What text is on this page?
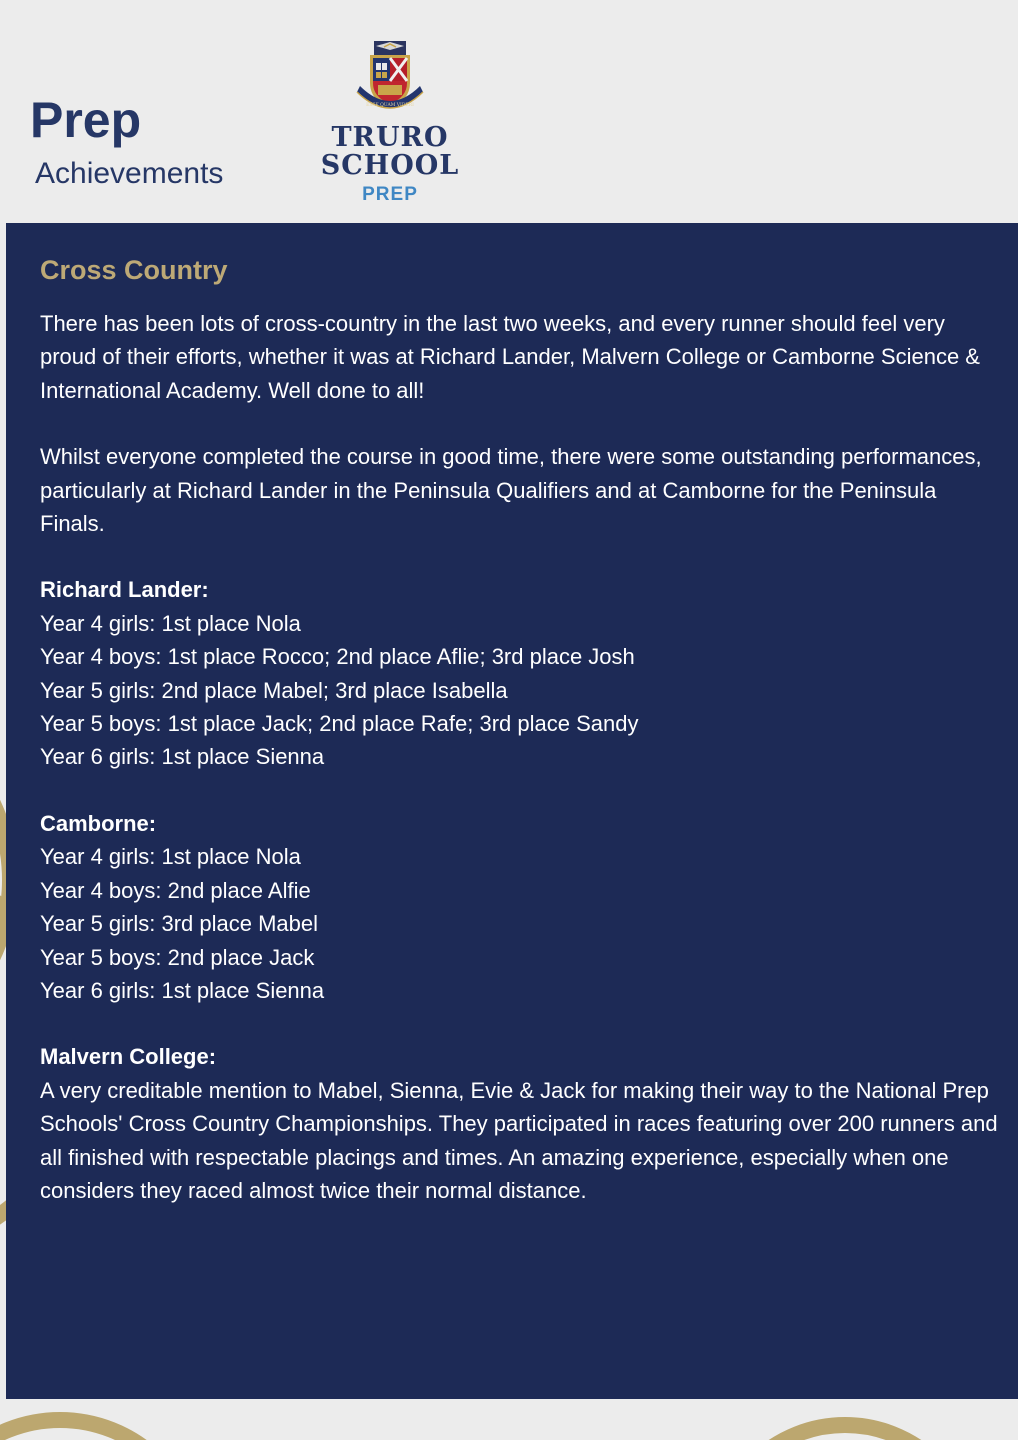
Prep
Achievements
ESSE QUAM VIDERI
TRURO
SCHOOL
PREP
Cross Country

There has been lots of cross-country in the last two weeks, and every runner should feel very proud of their efforts, whether it was at Richard Lander, Malvern College or Camborne Science & International Academy. Well done to all!

Whilst everyone completed the course in good time, there were some outstanding performances, particularly at Richard Lander in the Peninsula Qualifiers and at Camborne for the Peninsula Finals.

Richard Lander:

Year 4 girls: 1st place Nola
Year 4 boys: 1st place Rocco; 2nd place Aflie; 3rd place Josh
Year 5 girls: 2nd place Mabel; 3rd place Isabella
Year 5 boys: 1st place Jack; 2nd place Rafe; 3rd place Sandy
Year 6 girls: 1st place Sienna

Camborne:

Year 4 girls: 1st place Nola
Year 4 boys: 2nd place Alfie
Year 5 girls: 3rd place Mabel
Year 5 boys: 2nd place Jack
Year 6 girls: 1st place Sienna

Malvern College:

A very creditable mention to Mabel, Sienna, Evie & Jack for making their way to the National Prep Schools' Cross Country Championships. They participated in races featuring over 200 runners and all finished with respectable placings and times. An amazing experience, especially when one considers they raced almost twice their normal distance.
